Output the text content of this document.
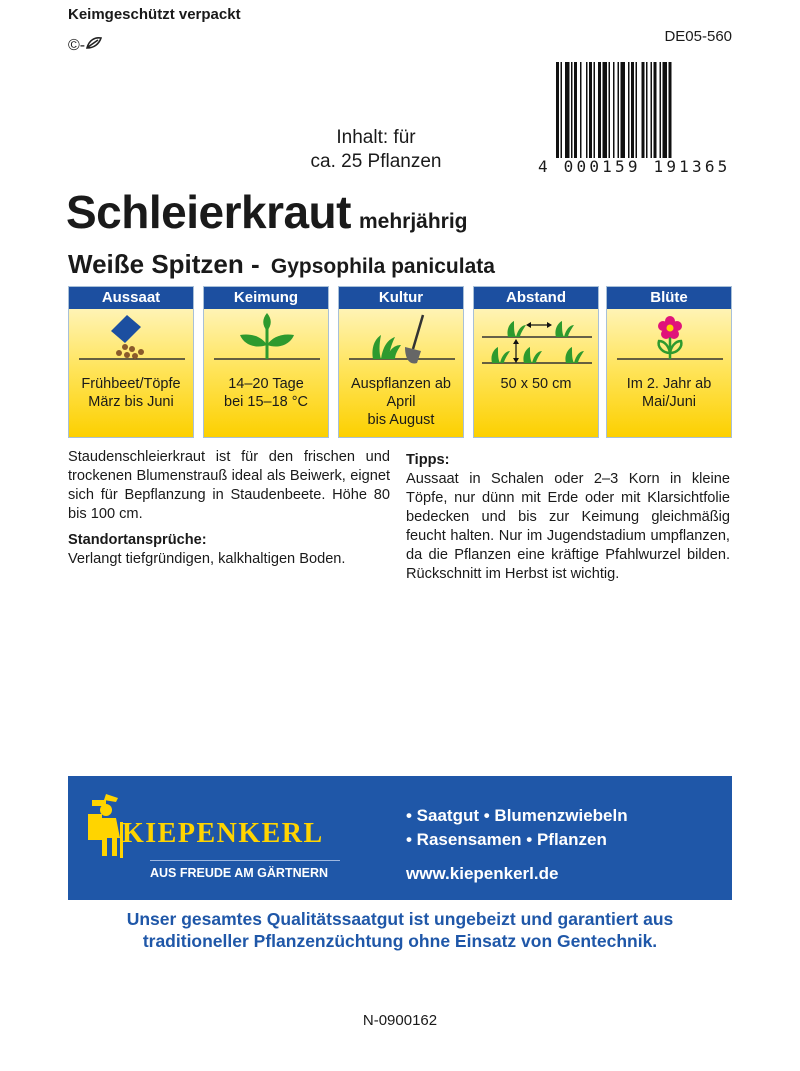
Keimgeschützt verpackt
©-
DE05-560
4 000159 191365
Inhalt: für
ca. 25 Pflanzen
Schleierkraut mehrjährig
Weiße Spitzen - Gypsophila paniculata
Aussaat
Frühbeet/Töpfe
März bis Juni
Keimung
14–20 Tage
bei 15–18 °C
Kultur
Auspflanzen ab
April
bis August
Abstand
50 x 50 cm
Blüte
Im 2. Jahr ab
Mai/Juni
Staudenschleierkraut ist für den frischen und trockenen Blumenstrauß ideal als Beiwerk, eignet sich für Bepflanzung in Staudenbeete. Höhe 80 bis 100 cm.
Standortansprüche:
Verlangt tiefgründigen, kalkhaltigen Boden.
Tipps:
Aussaat in Schalen oder 2–3 Korn in kleine Töpfe, nur dünn mit Erde oder mit Klarsichtfolie bedecken und bis zur Keimung gleichmäßig feucht halten. Nur im Jugendstadium umpflanzen, da die Pflanzen eine kräftige Pfahlwurzel bilden. Rückschnitt im Herbst ist wichtig.
KIEPENKERL
AUS FREUDE AM GÄRTNERN
• Saatgut • Blumenzwiebeln
• Rasensamen • Pflanzen
www.kiepenkerl.de
Unser gesamtes Qualitätssaatgut ist ungebeizt und garantiert aus
traditioneller Pflanzenzüchtung ohne Einsatz von Gentechnik.
N-0900162
